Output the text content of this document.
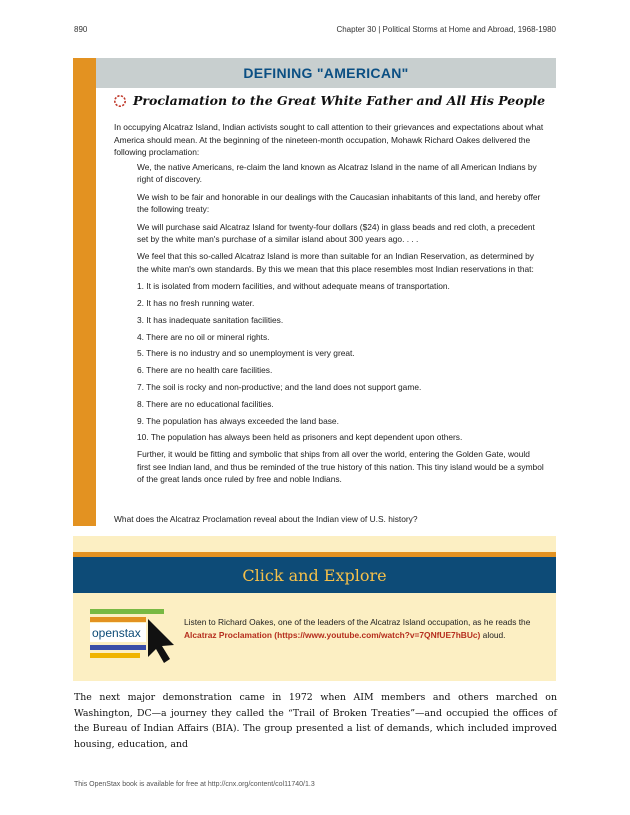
890	Chapter 30 | Political Storms at Home and Abroad, 1968-1980
DEFINING "AMERICAN"
Proclamation to the Great White Father and All His People
In occupying Alcatraz Island, Indian activists sought to call attention to their grievances and expectations about what America should mean. At the beginning of the nineteen-month occupation, Mohawk Richard Oakes delivered the following proclamation:

We, the native Americans, re-claim the land known as Alcatraz Island in the name of all American Indians by right of discovery.

We wish to be fair and honorable in our dealings with the Caucasian inhabitants of this land, and hereby offer the following treaty:

We will purchase said Alcatraz Island for twenty-four dollars ($24) in glass beads and red cloth, a precedent set by the white man's purchase of a similar island about 300 years ago. . . .

We feel that this so-called Alcatraz Island is more than suitable for an Indian Reservation, as determined by the white man's own standards. By this we mean that this place resembles most Indian reservations in that:

1. It is isolated from modern facilities, and without adequate means of transportation.
2. It has no fresh running water.
3. It has inadequate sanitation facilities.
4. There are no oil or mineral rights.
5. There is no industry and so unemployment is very great.
6. There are no health care facilities.
7. The soil is rocky and non-productive; and the land does not support game.
8. There are no educational facilities.
9. The population has always exceeded the land base.
10. The population has always been held as prisoners and kept dependent upon others.

Further, it would be fitting and symbolic that ships from all over the world, entering the Golden Gate, would first see Indian land, and thus be reminded of the true history of this nation. This tiny island would be a symbol of the great lands once ruled by free and noble Indians.

What does the Alcatraz Proclamation reveal about the Indian view of U.S. history?
Click and Explore
openstax
Listen to Richard Oakes, one of the leaders of the Alcatraz Island occupation, as he reads the Alcatraz Proclamation (https://www.youtube.com/watch?v=7QNfUE7hBUc) aloud.
The next major demonstration came in 1972 when AIM members and others marched on Washington, DC—a journey they called the “Trail of Broken Treaties”—and occupied the offices of the Bureau of Indian Affairs (BIA). The group presented a list of demands, which included improved housing, education, and
This OpenStax book is available for free at http://cnx.org/content/col11740/1.3
